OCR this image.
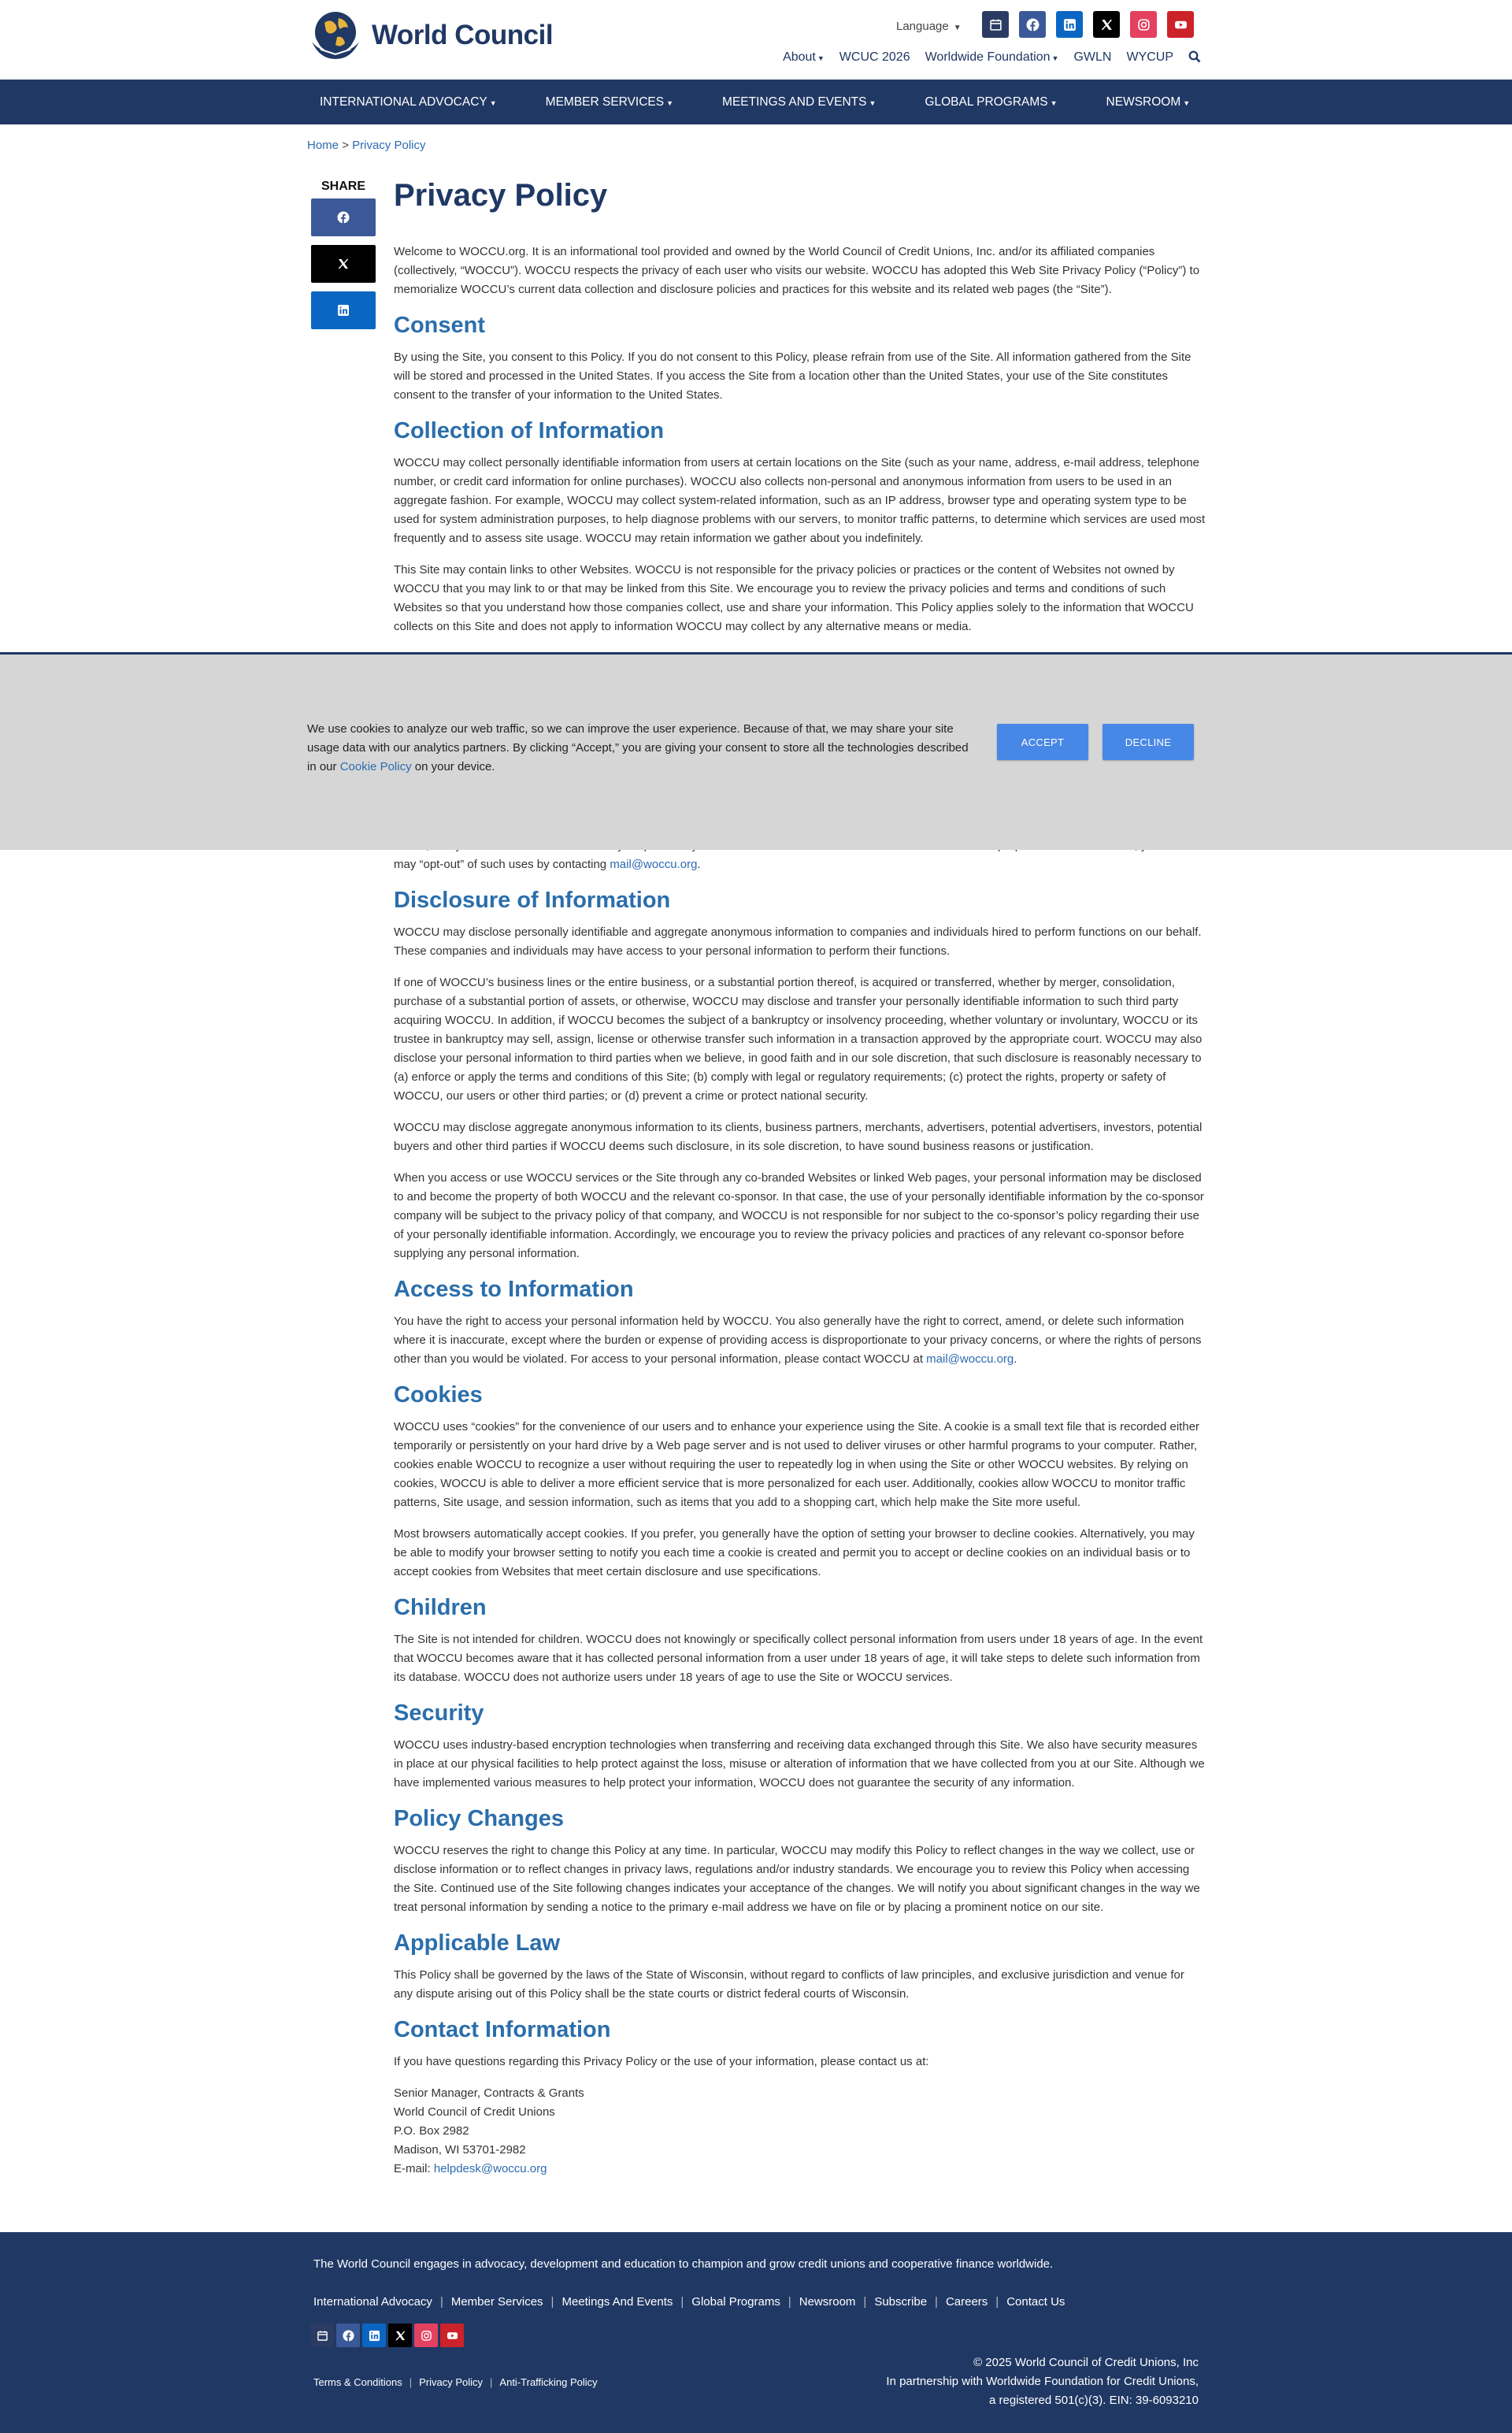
World Council	Language ▼
About ▼ WCUC 2026 Worldwide Foundation ▼ GWLN WYCUP
INTERNATIONAL ADVOCACY ▼	MEMBER SERVICES ▼	MEETINGS AND EVENTS ▼	GLOBAL PROGRAMS ▼	NEWSROOM ▼
Home > Privacy Policy
SHARE Privacy Policy

Welcome to WOCCU.org. It is an informational tool provided and owned by the World Council of Credit Unions, Inc. and/or its affiliated companies (collectively, “WOCCU”). WOCCU respects the privacy of each user who visits our website. WOCCU has adopted this Web Site Privacy Policy (“Policy”) to memorialize WOCCU’s current data collection and disclosure policies and practices for this website and its related web pages (the “Site”).

Consent

By using the Site, you consent to this Policy. If you do not consent to this Policy, please refrain from use of the Site. All information gathered from the Site will be stored and processed in the United States. If you access the Site from a location other than the United States, your use of the Site constitutes consent to the transfer of your information to the United States.

Collection of Information

WOCCU may collect personally identifiable information from users at certain locations on the Site (such as your name, address, e-mail address, telephone number, or credit card information for online purchases). WOCCU also collects non-personal and anonymous information from users to be used in an aggregate fashion. For example, WOCCU may collect system-related information, such as an IP address, browser type and operating system type to be used for system administration purposes, to help diagnose problems with our servers, to monitor traffic patterns, to determine which services are used most frequently and to assess site usage. WOCCU may retain information we gather about you indefinitely.

This Site may contain links to other Websites. WOCCU is not responsible for the privacy policies or practices or the content of Websites not owned by WOCCU that you may link to or that may be linked from this Site. We encourage you to review the privacy policies and terms and conditions of such Websites so that you understand how those companies collect, use and share your information. This Policy applies solely to the information that WOCCU collects on this Site and does not apply to information WOCCU may collect by any alternative means or media.

may “opt-out” of such uses by contacting mail@woccu.org.

Disclosure of Information

WOCCU may disclose personally identifiable and aggregate anonymous information to companies and individuals hired to perform functions on our behalf. These companies and individuals may have access to your personal information to perform their functions.

If one of WOCCU’s business lines or the entire business, or a substantial portion thereof, is acquired or transferred, whether by merger, consolidation, purchase of a substantial portion of assets, or otherwise, WOCCU may disclose and transfer your personally identifiable information to such third party acquiring WOCCU. In addition, if WOCCU becomes the subject of a bankruptcy or insolvency proceeding, whether voluntary or involuntary, WOCCU or its trustee in bankruptcy may sell, assign, license or otherwise transfer such information in a transaction approved by the appropriate court. WOCCU may also disclose your personal information to third parties when we believe, in good faith and in our sole discretion, that such disclosure is reasonably necessary to (a) enforce or apply the terms and conditions of this Site; (b) comply with legal or regulatory requirements; (c) protect the rights, property or safety of WOCCU, our users or other third parties; or (d) prevent a crime or protect national security.

WOCCU may disclose aggregate anonymous information to its clients, business partners, merchants, advertisers, potential advertisers, investors, potential buyers and other third parties if WOCCU deems such disclosure, in its sole discretion, to have sound business reasons or justification.

When you access or use WOCCU services or the Site through any co-branded Websites or linked Web pages, your personal information may be disclosed to and become the property of both WOCCU and the relevant co-sponsor. In that case, the use of your personally identifiable information by the co-sponsor company will be subject to the privacy policy of that company, and WOCCU is not responsible for nor subject to the co-sponsor’s policy regarding their use of your personally identifiable information. Accordingly, we encourage you to review the privacy policies and practices of any relevant co-sponsor before supplying any personal information.

Access to Information

You have the right to access your personal information held by WOCCU. You also generally have the right to correct, amend, or delete such information where it is inaccurate, except where the burden or expense of providing access is disproportionate to your privacy concerns, or where the rights of persons other than you would be violated. For access to your personal information, please contact WOCCU at mail@woccu.org.

Cookies

WOCCU uses “cookies” for the convenience of our users and to enhance your experience using the Site. A cookie is a small text file that is recorded either temporarily or persistently on your hard drive by a Web page server and is not used to deliver viruses or other harmful programs to your computer. Rather, cookies enable WOCCU to recognize a user without requiring the user to repeatedly log in when using the Site or other WOCCU websites. By relying on cookies, WOCCU is able to deliver a more efficient service that is more personalized for each user. Additionally, cookies allow WOCCU to monitor traffic patterns, Site usage, and session information, such as items that you add to a shopping cart, which help make the Site more useful.

Most browsers automatically accept cookies. If you prefer, you generally have the option of setting your browser to decline cookies. Alternatively, you may be able to modify your browser setting to notify you each time a cookie is created and permit you to accept or decline cookies on an individual basis or to accept cookies from Websites that meet certain disclosure and use specifications.

Children

The Site is not intended for children. WOCCU does not knowingly or specifically collect personal information from users under 18 years of age. In the event that WOCCU becomes aware that it has collected personal information from a user under 18 years of age, it will take steps to delete such information from its database. WOCCU does not authorize users under 18 years of age to use the Site or WOCCU services.

Security

WOCCU uses industry-based encryption technologies when transferring and receiving data exchanged through this Site. We also have security measures in place at our physical facilities to help protect against the loss, misuse or alteration of information that we have collected from you at our Site. Although we have implemented various measures to help protect your information, WOCCU does not guarantee the security of any information.

Policy Changes

WOCCU reserves the right to change this Policy at any time. In particular, WOCCU may modify this Policy to reflect changes in the way we collect, use or disclose information or to reflect changes in privacy laws, regulations and/or industry standards. We encourage you to review this Policy when accessing the Site. Continued use of the Site following changes indicates your acceptance of the changes. We will notify you about significant changes in the way we treat personal information by sending a notice to the primary e-mail address we have on file or by placing a prominent notice on our site.

Applicable Law

This Policy shall be governed by the laws of the State of Wisconsin, without regard to conflicts of law principles, and exclusive jurisdiction and venue for any dispute arising out of this Policy shall be the state courts or district federal courts of Wisconsin.

Contact Information

If you have questions regarding this Privacy Policy or the use of your information, please contact us at:

Senior Manager, Contracts & Grants
World Council of Credit Unions
P.O. Box 2982
Madison, WI 53701-2982
E-mail: helpdesk@woccu.org

We use cookies to analyze our web traffic, so we can improve the user experience. Because of that, we may share your site usage data with our analytics partners. By clicking “Accept,” you are giving your consent to store all the technologies described in our Cookie Policy on your device.
ACCEPT	DECLINE
The World Council engages in advocacy, development and education to champion and grow credit unions and cooperative finance worldwide.
International Advocacy | Member Services | Meetings And Events | Global Programs | Newsroom | Subscribe | Careers | Contact Us
Terms & Conditions | Privacy Policy | Anti-Trafficking Policy
© 2025 World Council of Credit Unions, Inc
In partnership with Worldwide Foundation for Credit Unions,
a registered 501(c)(3). EIN: 39-6093210
